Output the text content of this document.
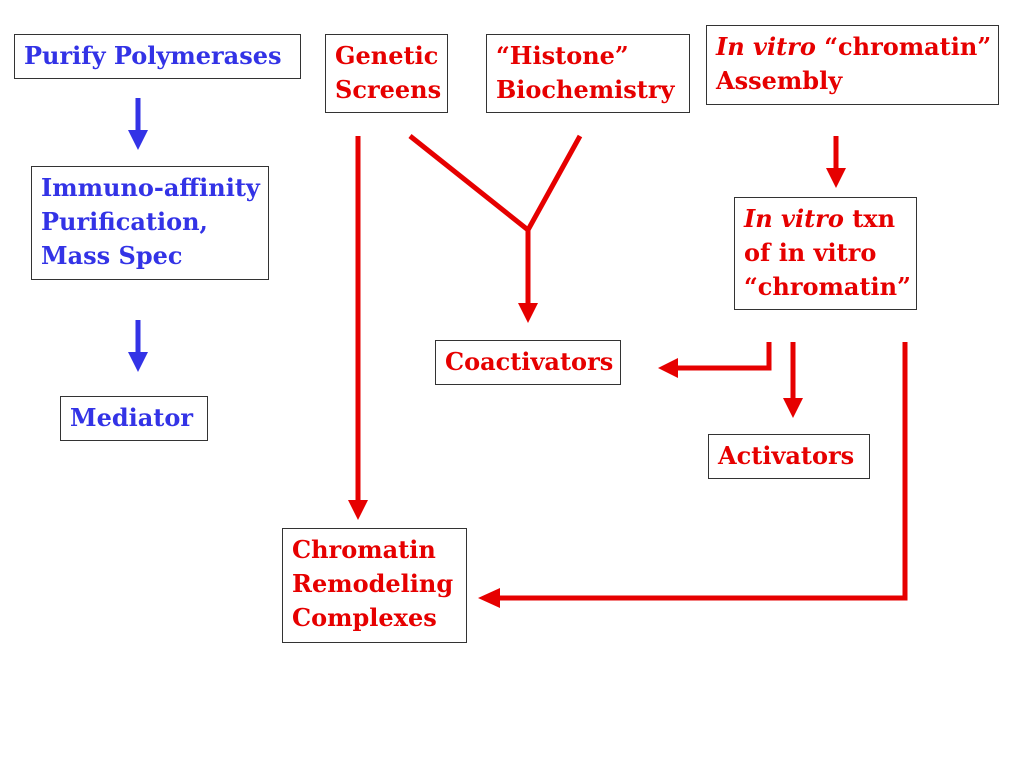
Purify Polymerases	Genetic
Screens
“Histone”
Biochemistry
In vitro “chromatin”
Assembly
Immuno-affinity
Purification,
Mass Spec
In vitro txn
of in vitro
“chromatin”
Coactivators
Mediator
Activators
Chromatin
Remodeling
Complexes
